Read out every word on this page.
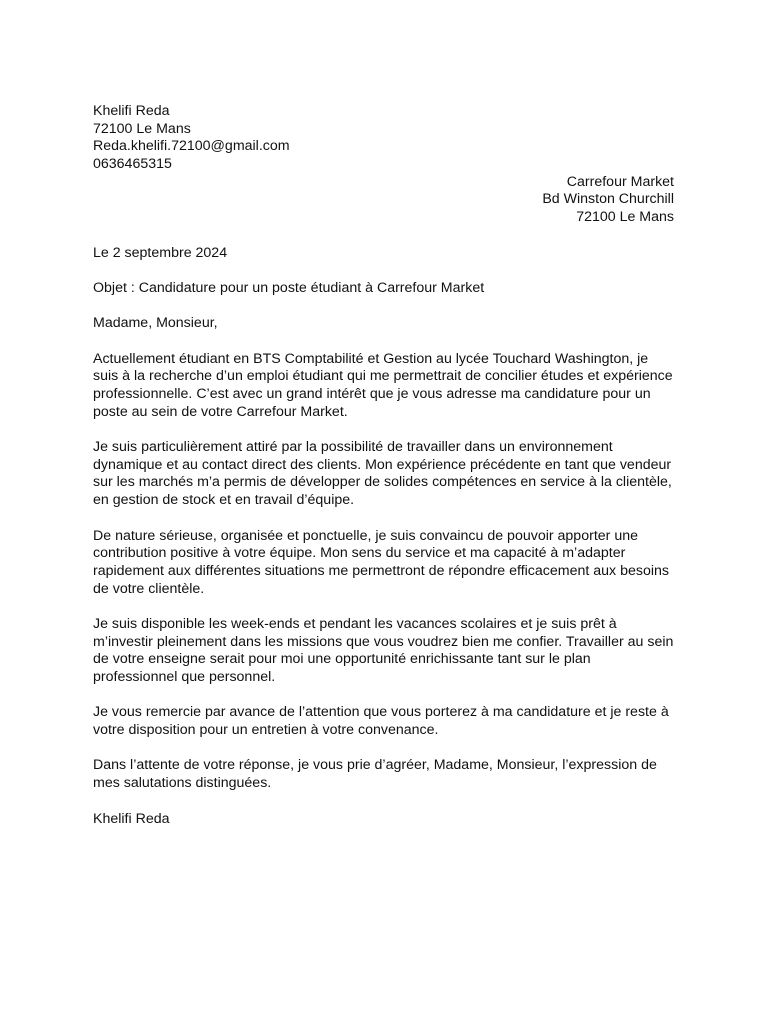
Khelifi Reda
72100 Le Mans
Reda.khelifi.72100@gmail.com
0636465315
Carrefour Market
Bd Winston Churchill
72100 Le Mans
Le 2 septembre 2024
Objet : Candidature pour un poste étudiant à Carrefour Market
Madame, Monsieur,
Actuellement étudiant en BTS Comptabilité et Gestion au lycée Touchard Washington, je
suis à la recherche d’un emploi étudiant qui me permettrait de concilier études et expérience
professionnelle. C’est avec un grand intérêt que je vous adresse ma candidature pour un
poste au sein de votre Carrefour Market.
Je suis particulièrement attiré par la possibilité de travailler dans un environnement
dynamique et au contact direct des clients. Mon expérience précédente en tant que vendeur
sur les marchés m’a permis de développer de solides compétences en service à la clientèle,
en gestion de stock et en travail d’équipe.
De nature sérieuse, organisée et ponctuelle, je suis convaincu de pouvoir apporter une
contribution positive à votre équipe. Mon sens du service et ma capacité à m’adapter
rapidement aux différentes situations me permettront de répondre efficacement aux besoins
de votre clientèle.
Je suis disponible les week-ends et pendant les vacances scolaires et je suis prêt à
m’investir pleinement dans les missions que vous voudrez bien me confier. Travailler au sein
de votre enseigne serait pour moi une opportunité enrichissante tant sur le plan
professionnel que personnel.
Je vous remercie par avance de l’attention que vous porterez à ma candidature et je reste à
votre disposition pour un entretien à votre convenance.
Dans l’attente de votre réponse, je vous prie d’agréer, Madame, Monsieur, l’expression de
mes salutations distinguées.
Khelifi Reda
